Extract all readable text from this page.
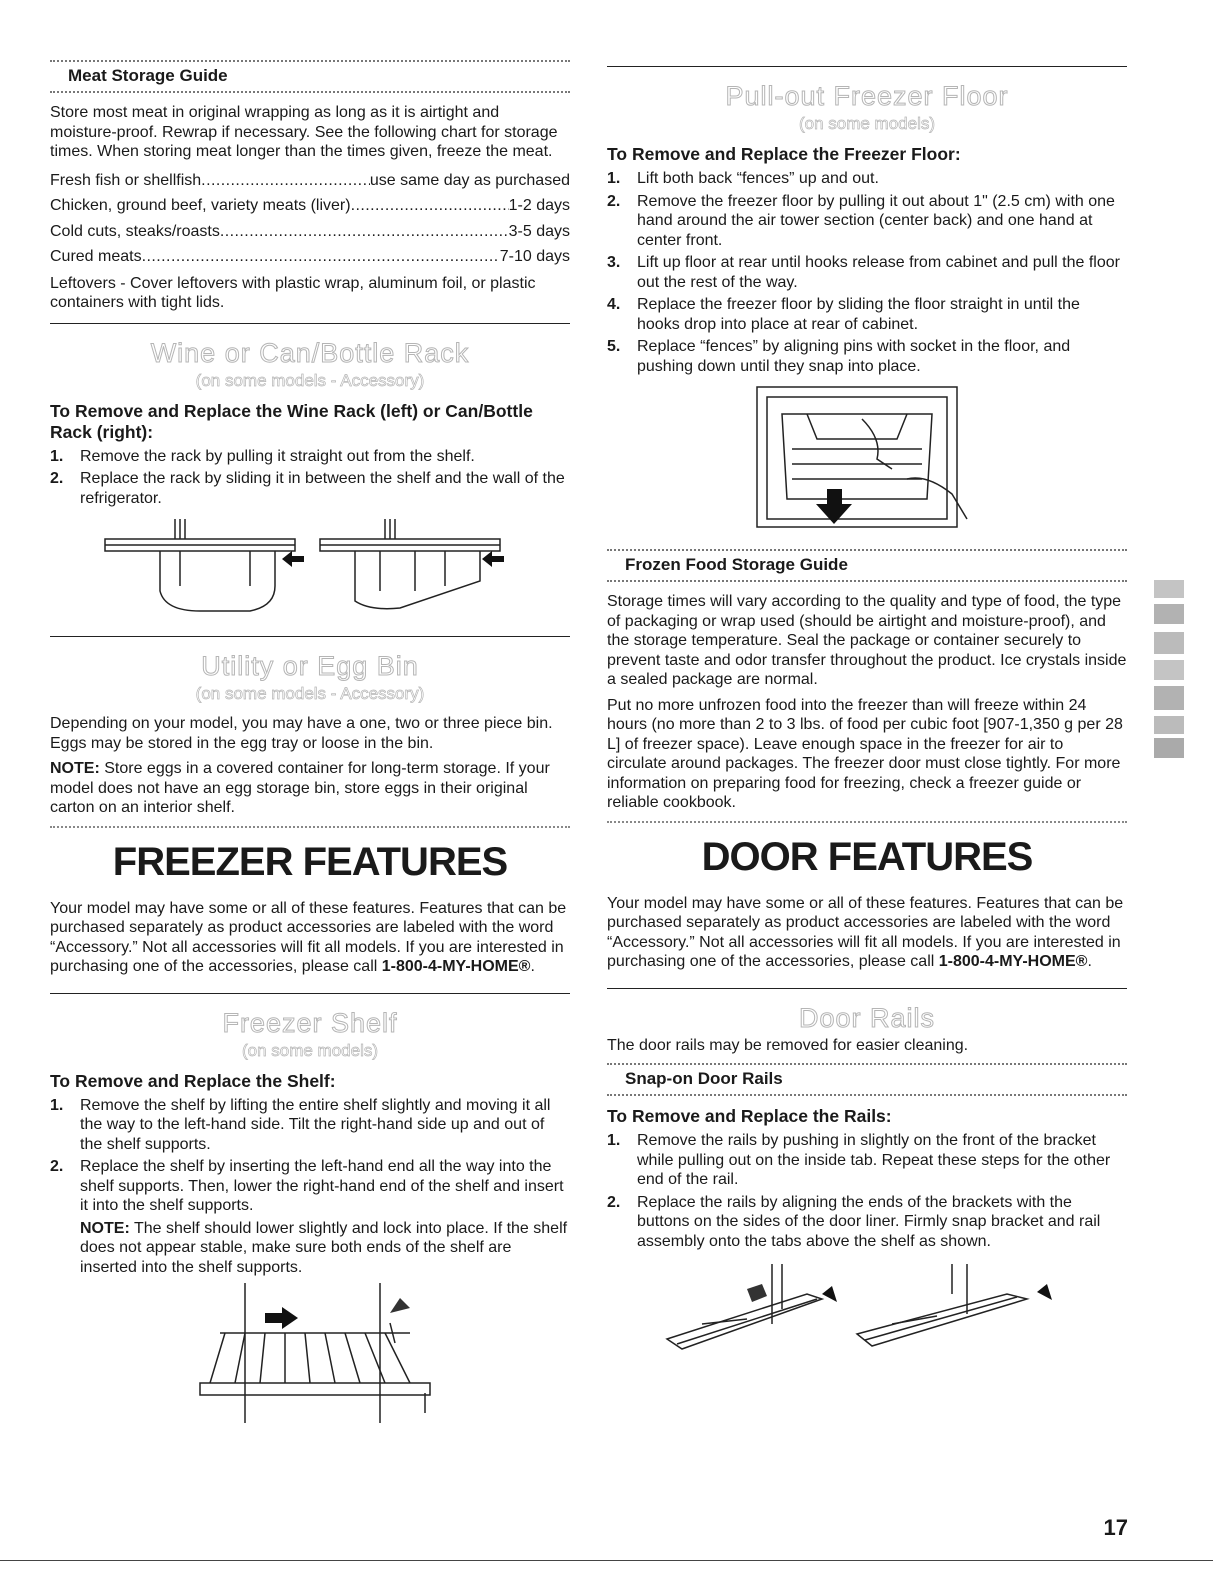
Meat Storage Guide

Store most meat in original wrapping as long as it is airtight and moisture-proof. Rewrap if necessary. See the following chart for storage times. When storing meat longer than the times given, freeze the meat.

Fresh fish or shellfish . . .	use same day as purchased
Chicken, ground beef, variety meats (liver) . . .	1-2 days
Cold cuts, steaks/roasts . . .	3-5 days
Cured meats . . .	7-10 days

Leftovers - Cover leftovers with plastic wrap, aluminum foil, or plastic containers with tight lids.

Wine or Can/Bottle Rack
(on some models - Accessory)
To Remove and Replace the Wine Rack (left) or Can/Bottle Rack (right):
1.	Remove the rack by pulling it straight out from the shelf.
2.	Replace the rack by sliding it in between the shelf and the wall of the refrigerator.
Utility or Egg Bin
(on some models - Accessory)

Depending on your model, you may have a one, two or three piece bin. Eggs may be stored in the egg tray or loose in the bin.

NOTE: Store eggs in a covered container for long-term storage. If your model does not have an egg storage bin, store eggs in their original carton on an interior shelf.

FREEZER FEATURES

Your model may have some or all of these features. Features that can be purchased separately as product accessories are labeled with the word “Accessory.” Not all accessories will fit all models. If you are interested in purchasing one of the accessories, please call 1-800-4-MY-HOME®.

Freezer Shelf
(on some models)
To Remove and Replace the Shelf:
1.	Remove the shelf by lifting the entire shelf slightly and moving it all the way to the left-hand side. Tilt the right-hand side up and out of the shelf supports.
2.	Replace the shelf by inserting the left-hand end all the way into the shelf supports. Then, lower the right-hand end of the shelf and insert it into the shelf supports.

NOTE: The shelf should lower slightly and lock into place. If the shelf does not appear stable, make sure both ends of the shelf are inserted into the shelf supports.

Pull-out Freezer Floor
(on some models)
To Remove and Replace the Freezer Floor:
1.	Lift both back “fences” up and out.
2.	Remove the freezer floor by pulling it out about 1" (2.5 cm) with one hand around the air tower section (center back) and one hand at center front.
3.	Lift up floor at rear until hooks release from cabinet and pull the floor out the rest of the way.
4.	Replace the freezer floor by sliding the floor straight in until the hooks drop into place at rear of cabinet.
5.	Replace “fences” by aligning pins with socket in the floor, and pushing down until they snap into place.
Frozen Food Storage Guide

Storage times will vary according to the quality and type of food, the type of packaging or wrap used (should be airtight and moisture-proof), and the storage temperature. Seal the package or container securely to prevent taste and odor transfer throughout the product. Ice crystals inside a sealed package are normal.

Put no more unfrozen food into the freezer than will freeze within 24 hours (no more than 2 to 3 lbs. of food per cubic foot [907-1,350 g per 28 L] of freezer space). Leave enough space in the freezer for air to circulate around packages. The freezer door must close tightly. For more information on preparing food for freezing, check a freezer guide or reliable cookbook.

DOOR FEATURES

Your model may have some or all of these features. Features that can be purchased separately as product accessories are labeled with the word “Accessory.” Not all accessories will fit all models. If you are interested in purchasing one of the accessories, please call 1-800-4-MY-HOME®.

Door Rails

The door rails may be removed for easier cleaning.

Snap-on Door Rails
To Remove and Replace the Rails:
1.	Remove the rails by pushing in slightly on the front of the bracket while pulling out on the inside tab. Repeat these steps for the other end of the rail.
2.	Replace the rails by aligning the ends of the brackets with the buttons on the sides of the door liner. Firmly snap bracket and rail assembly onto the tabs above the shelf as shown.
17
